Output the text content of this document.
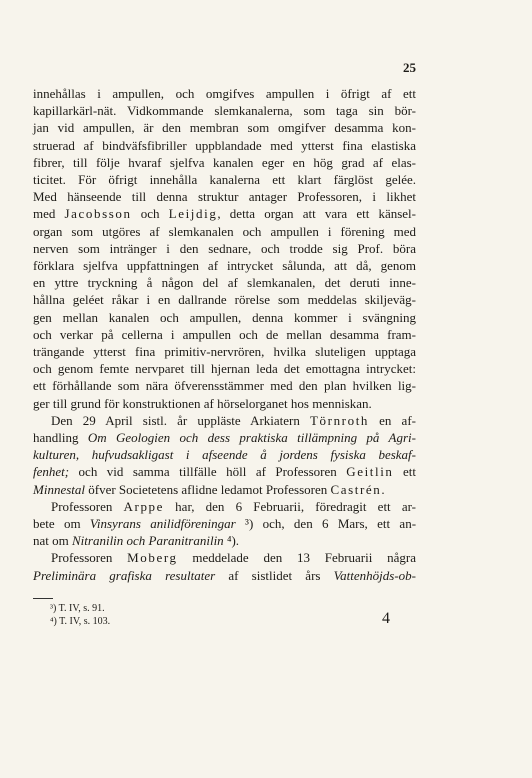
25
innehållas i ampullen, och omgifves ampullen i öfrigt af ett
kapillarkärl-nät. Vidkommande slemkanalerna, som taga sin bör-
jan vid ampullen, är den membran som omgifver desamma kon-
struerad af bindväfsfibriller uppblandade med ytterst fina elastiska
fibrer, till följe hvaraf sjelfva kanalen eger en hög grad af elas-
ticitet. För öfrigt innehålla kanalerna ett klart färglöst gelée.
Med hänseende till denna struktur antager Professoren, i likhet
med Jacobsson och Leijdig, detta organ att vara ett känsel-
organ som utgöres af slemkanalen och ampullen i förening med
nerven som intränger i den sednare, och trodde sig Prof. böra
förklara sjelfva uppfattningen af intrycket sålunda, att då, genom
en yttre tryckning å någon del af slemkanalen, det deruti inne-
hållna geléet råkar i en dallrande rörelse som meddelas skiljeväg-
gen mellan kanalen och ampullen, denna kommer i svängning
och verkar på cellerna i ampullen och de mellan desamma fram-
trängande ytterst fina primitiv-nervrören, hvilka sluteligen upptaga
och genom femte nervparet till hjernan leda det emottagna intrycket:
ett förhållande som nära öfverensstämmer med den plan hvilken lig-
ger till grund för konstruktionen af hörselorganet hos menniskan.
Den 29 April sistl. år uppläste Arkiatern Törnroth en af-
handling Om Geologien och dess praktiska tillämpning på Agri-
kulturen, hufvudsakligast i afseende å jordens fysiska beskaf-
fenhet; och vid samma tillfälle höll af Professoren Geitlin ett
Minnestal öfver Societetens aflidne ledamot Professoren Castrén.
Professoren Arppe har, den 6 Februarii, föredragit ett ar-
bete om Vinsyrans anilidföreningar ³) och, den 6 Mars, ett an-
nat om Nitranilin och Paranitranilin ⁴).
Professoren Moberg meddelade den 13 Februarii några
Preliminära grafiska resultater af sistlidet års Vattenhöjds-ob-
³) T. IV, s. 91.
⁴) T. IV, s. 103.	4
